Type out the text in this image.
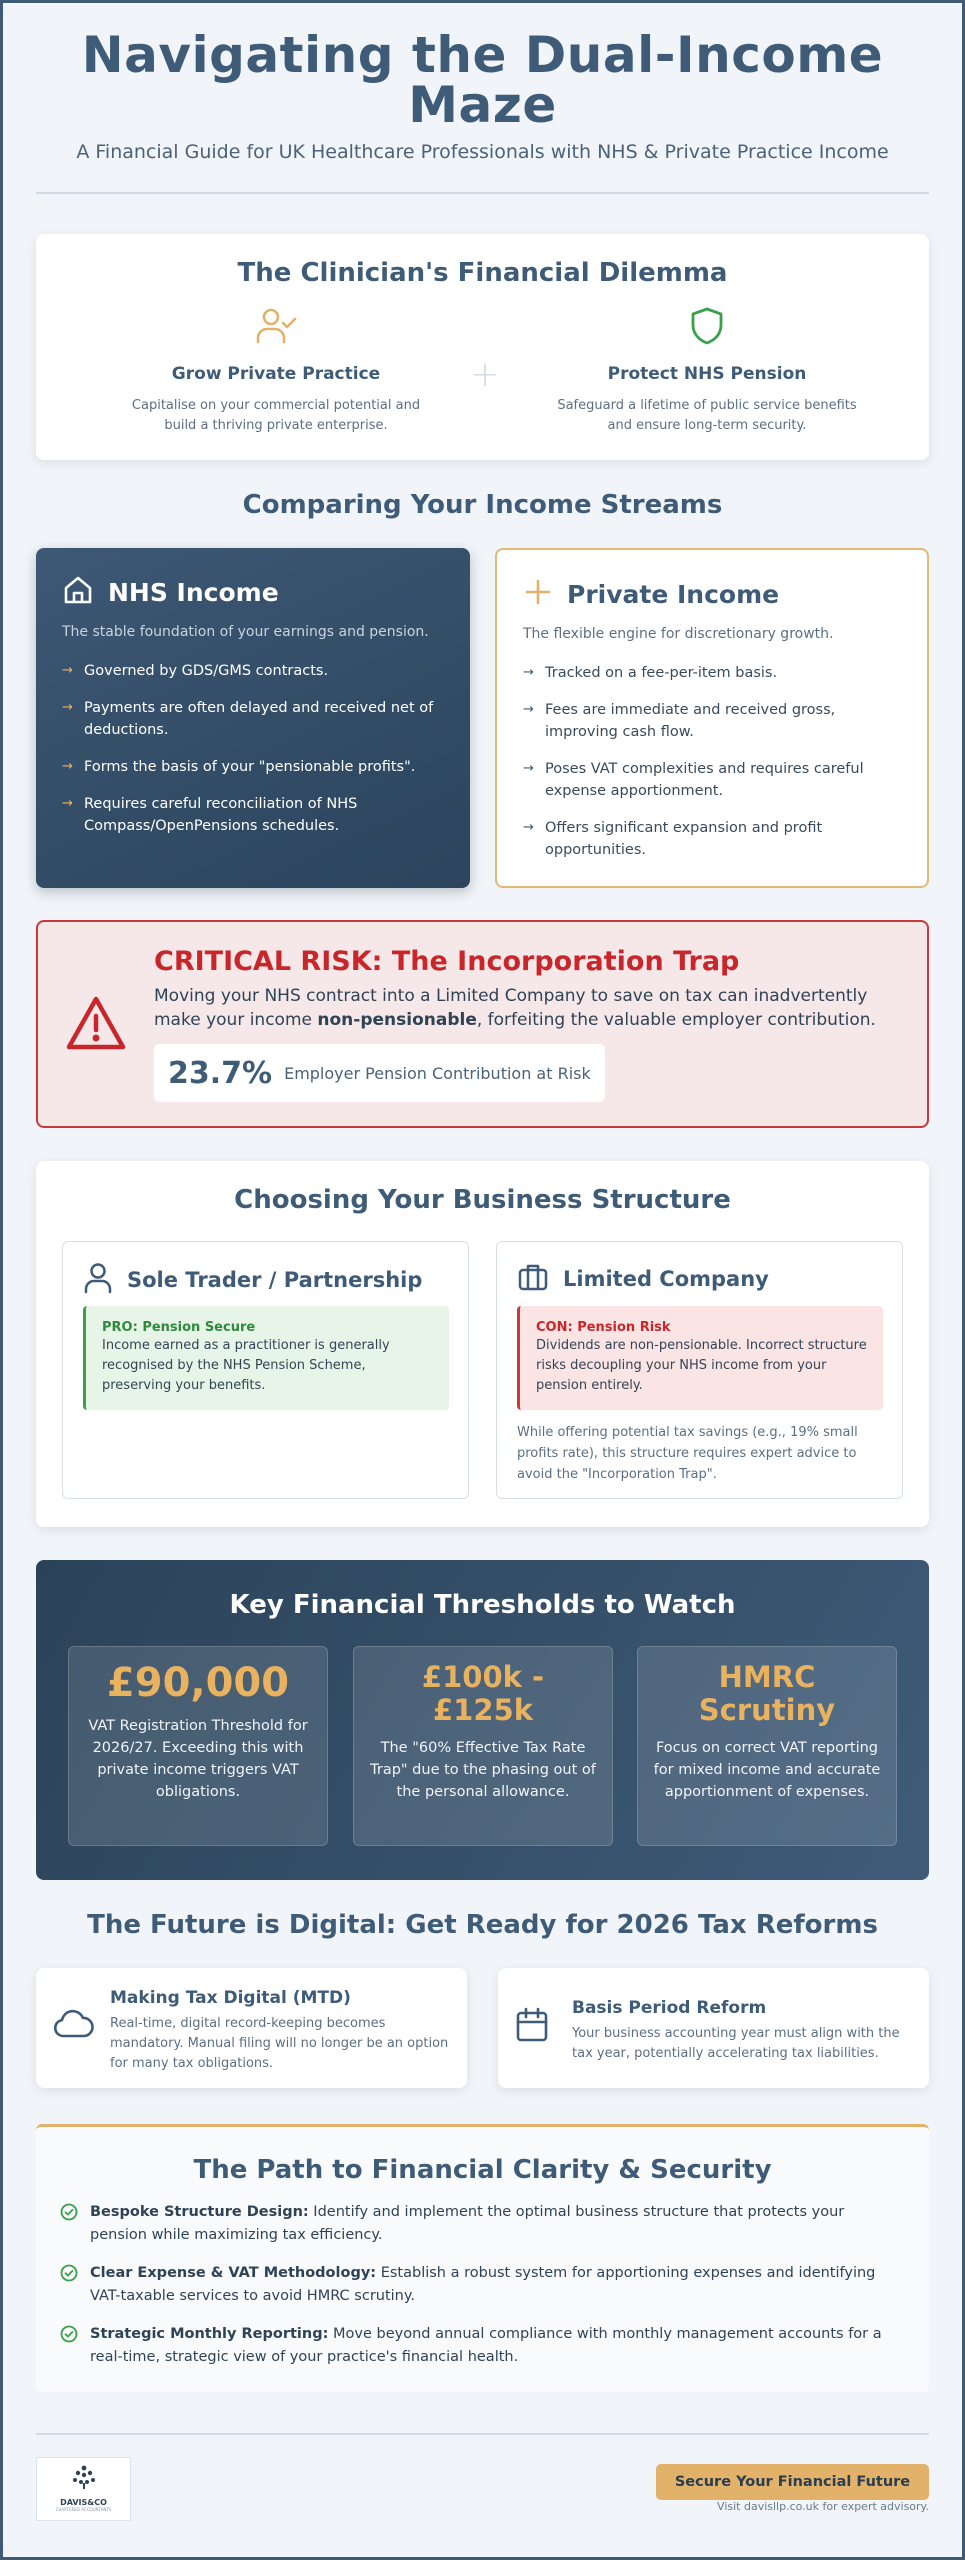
Navigating the Dual-Income Maze

A Financial Guide for UK Healthcare Professionals with NHS & Private Practice Income

The Clinician's Financial Dilemma
Grow Private Practice
Capitalise on your commercial potential and build a thriving private enterprise.
+	Protect NHS Pension
Safeguard a lifetime of public service benefits and ensure long-term security.
Comparing Your Income Streams
NHS Income

The stable foundation of your earnings and pension.

→ Governed by GDS/GMS contracts.
→ Payments are often delayed and received net of deductions.
→ Forms the basis of your "pensionable profits".
→ Requires careful reconciliation of NHS Compass/OpenPensions schedules.
Private Income

The flexible engine for discretionary growth.

→ Tracked on a fee-per-item basis.
→ Fees are immediate and received gross, improving cash flow.
→ Poses VAT complexities and requires careful expense apportionment.
→ Offers significant expansion and profit opportunities.
CRITICAL RISK: The Incorporation Trap

Moving your NHS contract into a Limited Company to save on tax can inadvertently make your income non-pensionable, forfeiting the valuable employer contribution.

23.7% Employer Pension Contribution at Risk
Choosing Your Business Structure
Sole Trader / Partnership
PRO: Pension Secure
Income earned as a practitioner is generally recognised by the NHS Pension Scheme, preserving your benefits.
Limited Company
CON: Pension Risk
Dividends are non-pensionable. Incorrect structure risks decoupling your NHS income from your pension entirely.

While offering potential tax savings (e.g., 19% small profits rate), this structure requires expert advice to avoid the "Incorporation Trap".

Key Financial Thresholds to Watch
£90,000
VAT Registration Threshold for 2026/27. Exceeding this with private income triggers VAT obligations.
£100k - £125k
The "60% Effective Tax Rate Trap" due to the phasing out of the personal allowance.
HMRC Scrutiny
Focus on correct VAT reporting for mixed income and accurate apportionment of expenses.
The Future is Digital: Get Ready for 2026 Tax Reforms
Making Tax Digital (MTD)
Real-time, digital record-keeping becomes mandatory. Manual filing will no longer be an option for many tax obligations.
Basis Period Reform
Your business accounting year must align with the tax year, potentially accelerating tax liabilities.
The Path to Financial Clarity & Security

Bespoke Structure Design: Identify and implement the optimal business structure that protects your pension while maximizing tax efficiency.

Clear Expense & VAT Methodology: Establish a robust system for apportioning expenses and identifying VAT-taxable services to avoid HMRC scrutiny.

Strategic Monthly Reporting: Move beyond annual compliance with monthly management accounts for a real-time, strategic view of your practice's financial health.

DAVIS&CO
CHARTERED ACCOUNTANTS
Secure Your Financial Future

Visit davisllp.co.uk for expert advisory.
